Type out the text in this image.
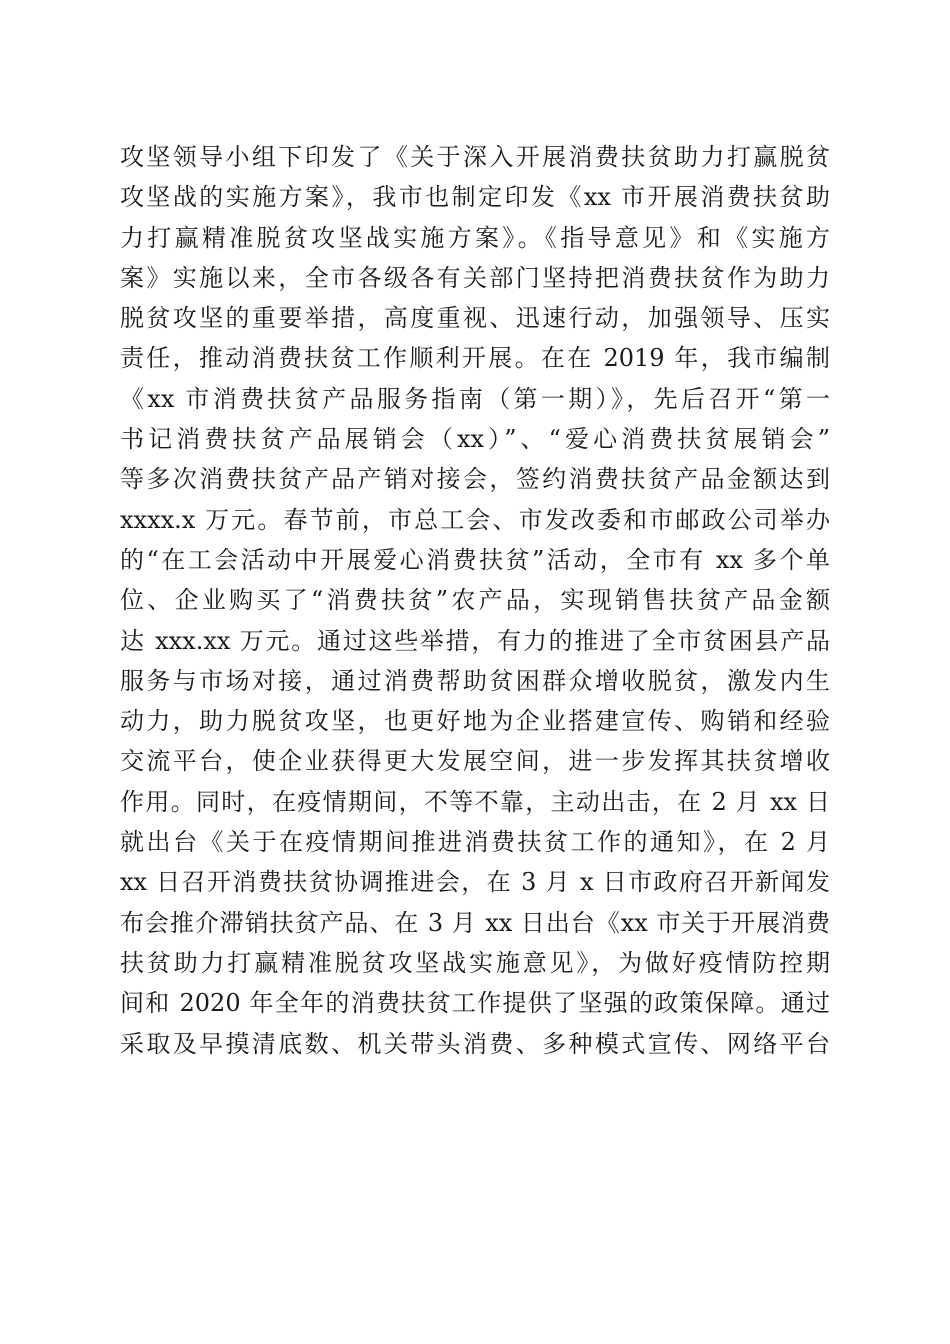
攻坚领导小组下印发了《关于深入开展消费扶贫助力打赢脱贫
攻坚战的实施方案》，我市也制定印发《xx 市开展消费扶贫助
力打赢精准脱贫攻坚战实施方案》。《指导意见》和《实施方
案》实施以来，全市各级各有关部门坚持把消费扶贫作为助力
脱贫攻坚的重要举措，高度重视、迅速行动，加强领导、压实
责任，推动消费扶贫工作顺利开展。在在 2019 年，我市编制
《xx 市消费扶贫产品服务指南（第一期）》，先后召开“第一
书记消费扶贫产品展销会（xx）”、“爱心消费扶贫展销会”
等多次消费扶贫产品产销对接会，签约消费扶贫产品金额达到
xxxx.x 万元。春节前，市总工会、市发改委和市邮政公司举办
的“在工会活动中开展爱心消费扶贫”活动，全市有 xx 多个单
位、企业购买了“消费扶贫”农产品，实现销售扶贫产品金额
达 xxx.xx 万元。通过这些举措，有力的推进了全市贫困县产品
服务与市场对接，通过消费帮助贫困群众增收脱贫，激发内生
动力，助力脱贫攻坚，也更好地为企业搭建宣传、购销和经验
交流平台，使企业获得更大发展空间，进一步发挥其扶贫增收
作用。同时，在疫情期间，不等不靠，主动出击，在 2 月 xx 日
就出台《关于在疫情期间推进消费扶贫工作的通知》，在 2 月
xx 日召开消费扶贫协调推进会，在 3 月 x 日市政府召开新闻发
布会推介滞销扶贫产品、在 3 月 xx 日出台《xx 市关于开展消费
扶贫助力打赢精准脱贫攻坚战实施意见》，为做好疫情防控期
间和 2020 年全年的消费扶贫工作提供了坚强的政策保障。通过
采取及早摸清底数、机关带头消费、多种模式宣传、网络平台
